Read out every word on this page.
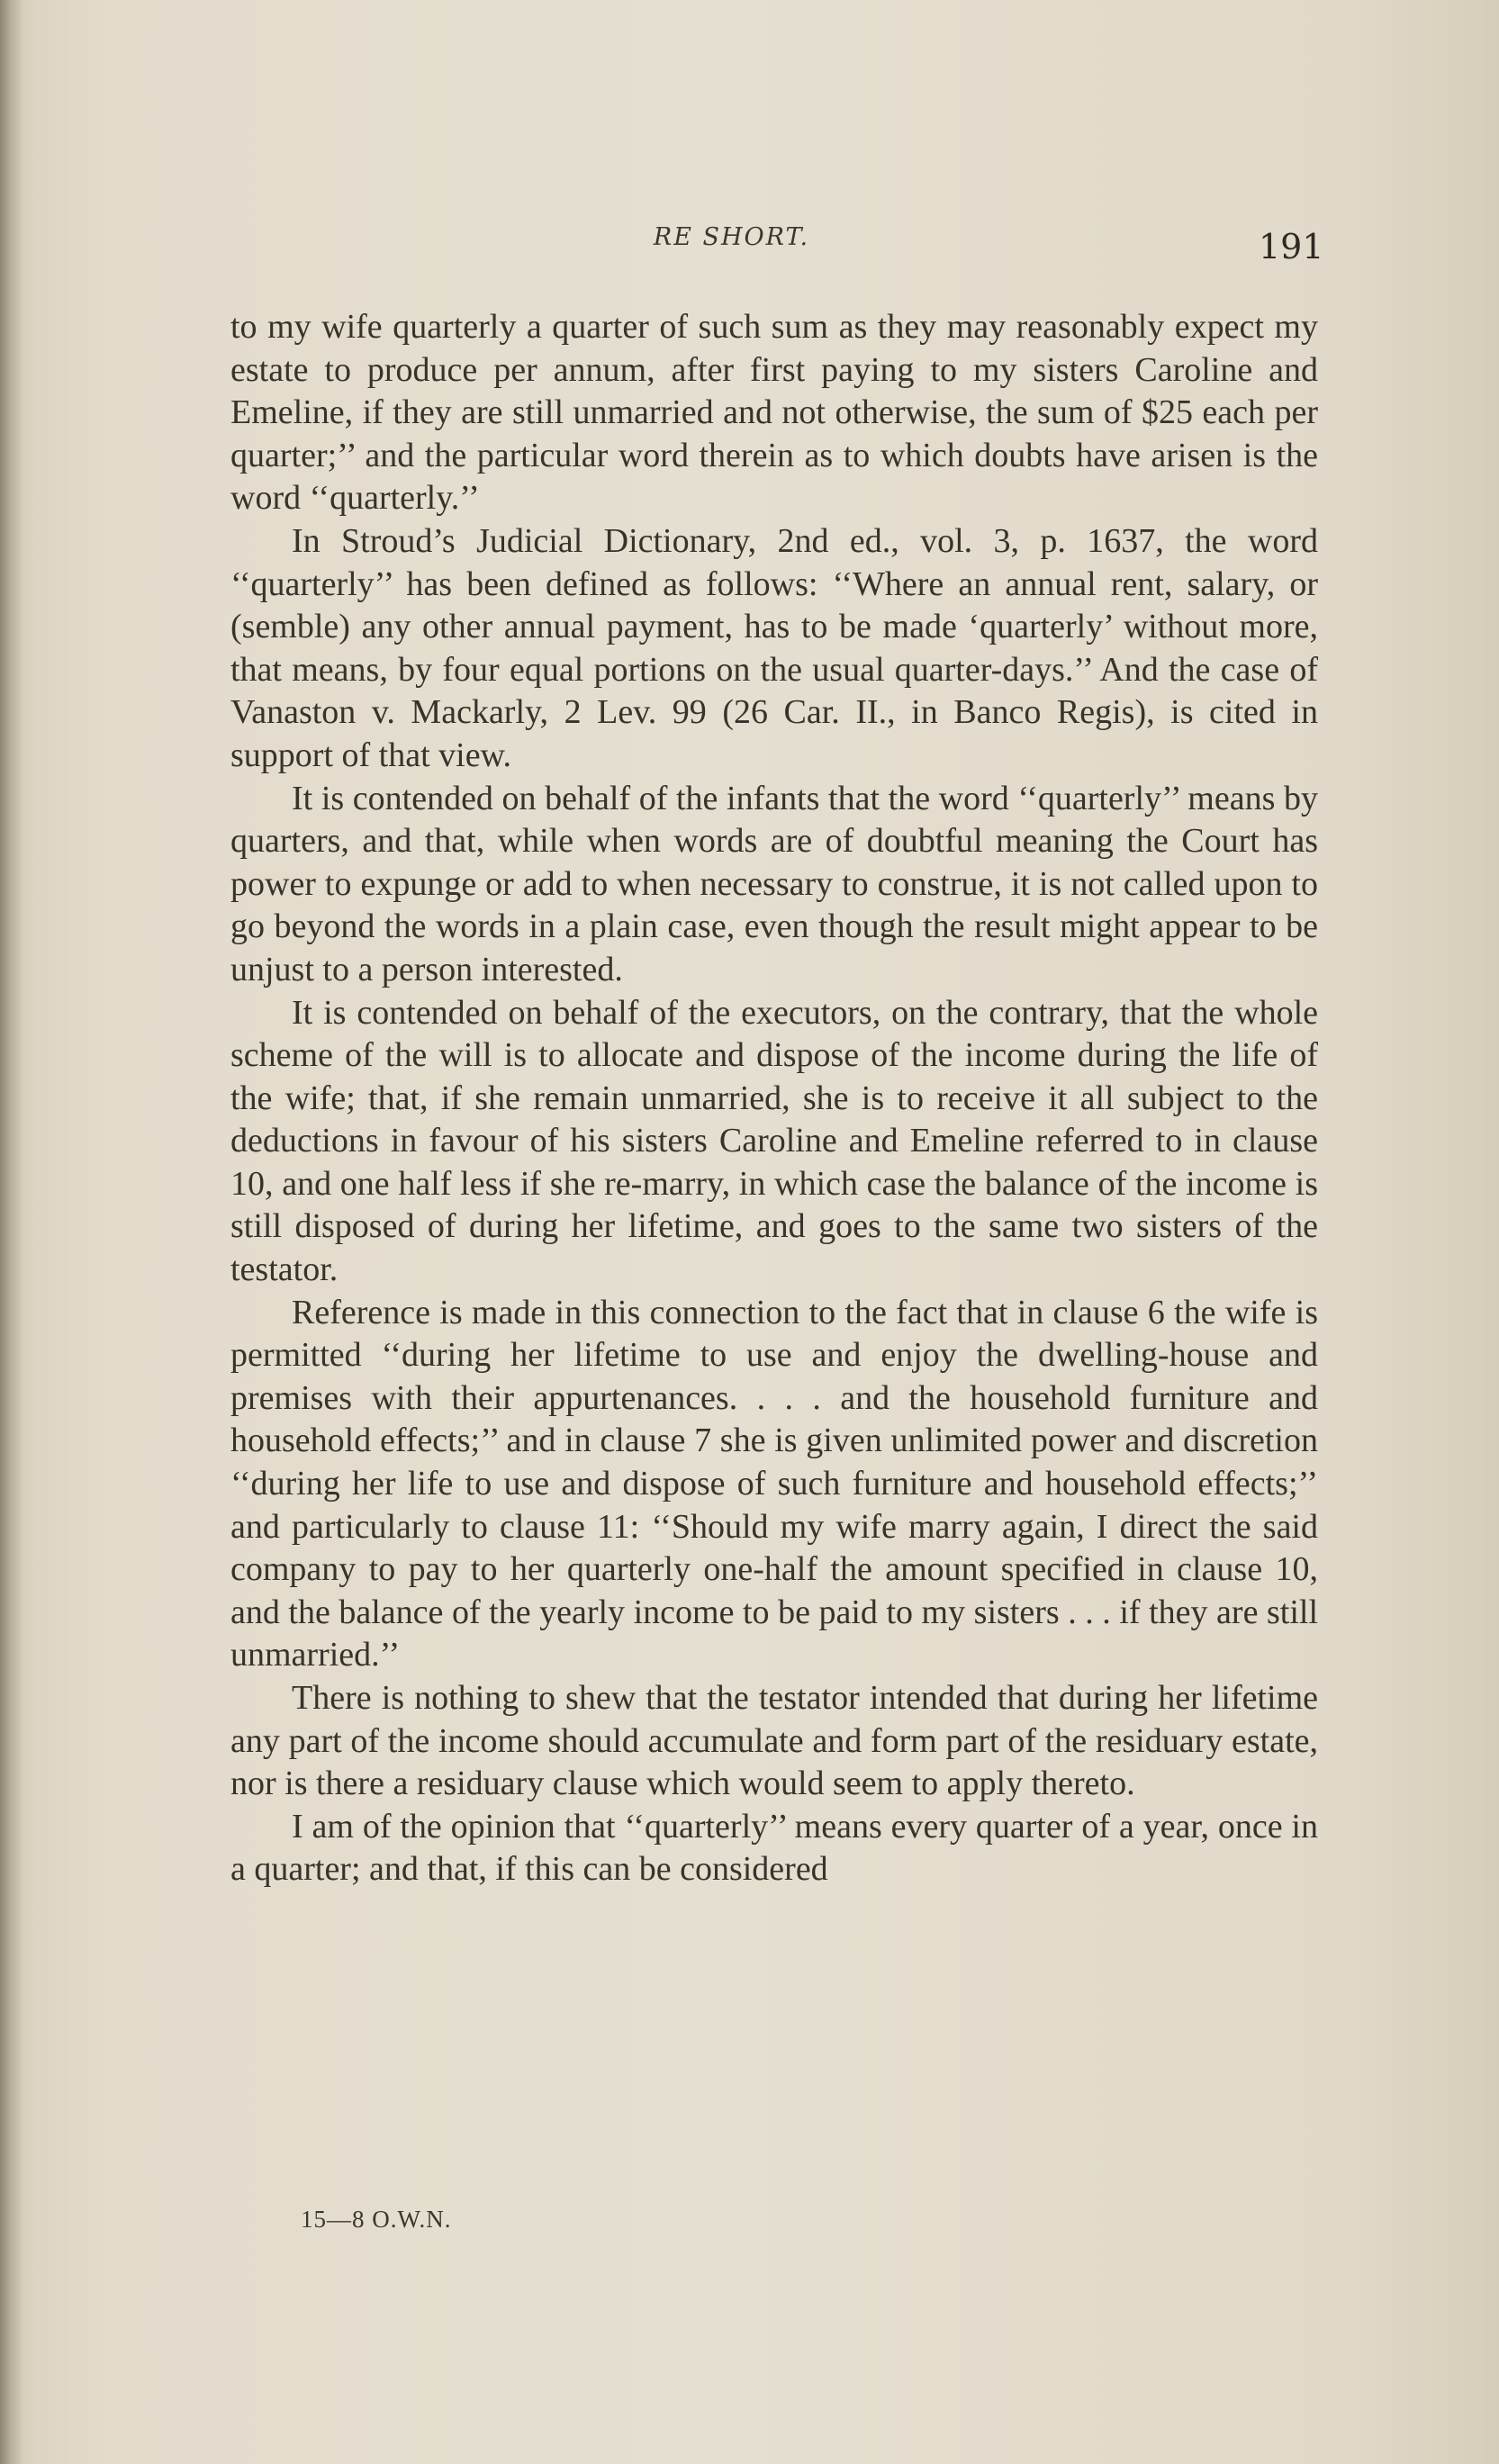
RE SHORT.	191

to my wife quarterly a quarter of such sum as they may reasonably expect my estate to produce per annum, after first paying to my sisters Caroline and Emeline, if they are still unmarried and not otherwise, the sum of $25 each per quarter;’’ and the particular word therein as to which doubts have arisen is the word ‘‘quarterly.’’

In Stroud’s Judicial Dictionary, 2nd ed., vol. 3, p. 1637, the word ‘‘quarterly’’ has been defined as follows: ‘‘Where an annual rent, salary, or (semble) any other annual payment, has to be made ‘quarterly’ without more, that means, by four equal portions on the usual quarter-days.’’ And the case of Vanaston v. Mackarly, 2 Lev. 99 (26 Car. II., in Banco Regis), is cited in support of that view.

It is contended on behalf of the infants that the word ‘‘quarterly’’ means by quarters, and that, while when words are of doubtful meaning the Court has power to expunge or add to when necessary to construe, it is not called upon to go beyond the words in a plain case, even though the result might appear to be unjust to a person interested.

It is contended on behalf of the executors, on the contrary, that the whole scheme of the will is to allocate and dispose of the income during the life of the wife; that, if she remain unmarried, she is to receive it all subject to the deductions in favour of his sisters Caroline and Emeline referred to in clause 10, and one half less if she re-marry, in which case the balance of the income is still disposed of during her lifetime, and goes to the same two sisters of the testator.

Reference is made in this connection to the fact that in clause 6 the wife is permitted ‘‘during her lifetime to use and enjoy the dwelling-house and premises with their appurtenances. . . . and the household furniture and household effects;’’ and in clause 7 she is given unlimited power and discretion ‘‘during her life to use and dispose of such furniture and household effects;’’ and particularly to clause 11: ‘‘Should my wife marry again, I direct the said company to pay to her quarterly one-half the amount specified in clause 10, and the balance of the yearly income to be paid to my sisters . . . if they are still unmarried.’’

There is nothing to shew that the testator intended that during her lifetime any part of the income should accumulate and form part of the residuary estate, nor is there a residuary clause which would seem to apply thereto.

I am of the opinion that ‘‘quarterly’’ means every quarter of a year, once in a quarter; and that, if this can be considered

15—8 O.W.N.
